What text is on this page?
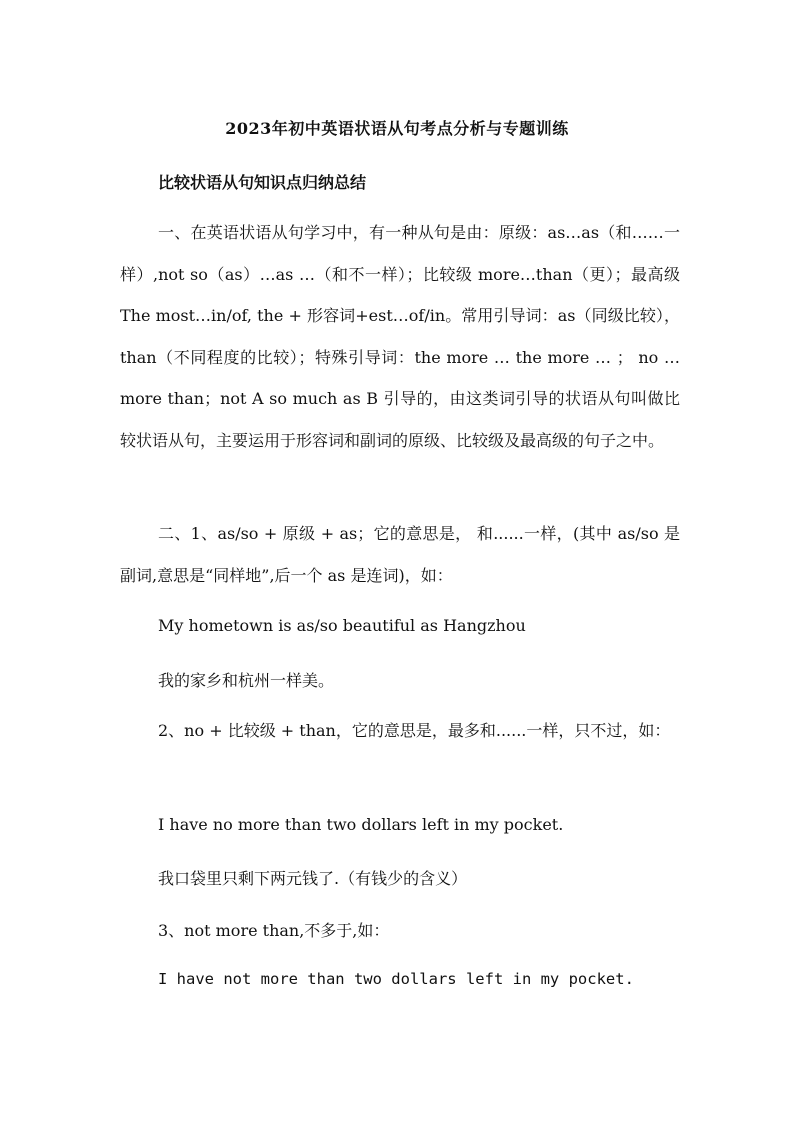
2023年初中英语状语从句考点分析与专题训练
比较状语从句知识点归纳总结
一、在英语状语从句学习中，有一种从句是由：原级：as…as（和……一样）,not so（as）…as …（和不一样）；比较级 more…than（更）；最高级 The most…in/of, the + 形容词+est…of/in。常用引导词：as（同级比较），than（不同程度的比较）；特殊引导词：the more … the more … ； no … more than；not A so much as B 引导的，由这类词引导的状语从句叫做比较状语从句，主要运用于形容词和副词的原级、比较级及最高级的句子之中。
二、1、as/so + 原级 + as；它的意思是， 和......一样，(其中 as/so 是副词,意思是“同样地”,后一个 as 是连词)，如：
My hometown is as/so beautiful as Hangzhou
我的家乡和杭州一样美。
2、no + 比较级 + than，它的意思是，最多和......一样，只不过，如：
I have no more than two dollars left in my pocket.
我口袋里只剩下两元钱了.（有钱少的含义）
3、not more than,不多于,如：
I have not more than two dollars left in my pocket.
